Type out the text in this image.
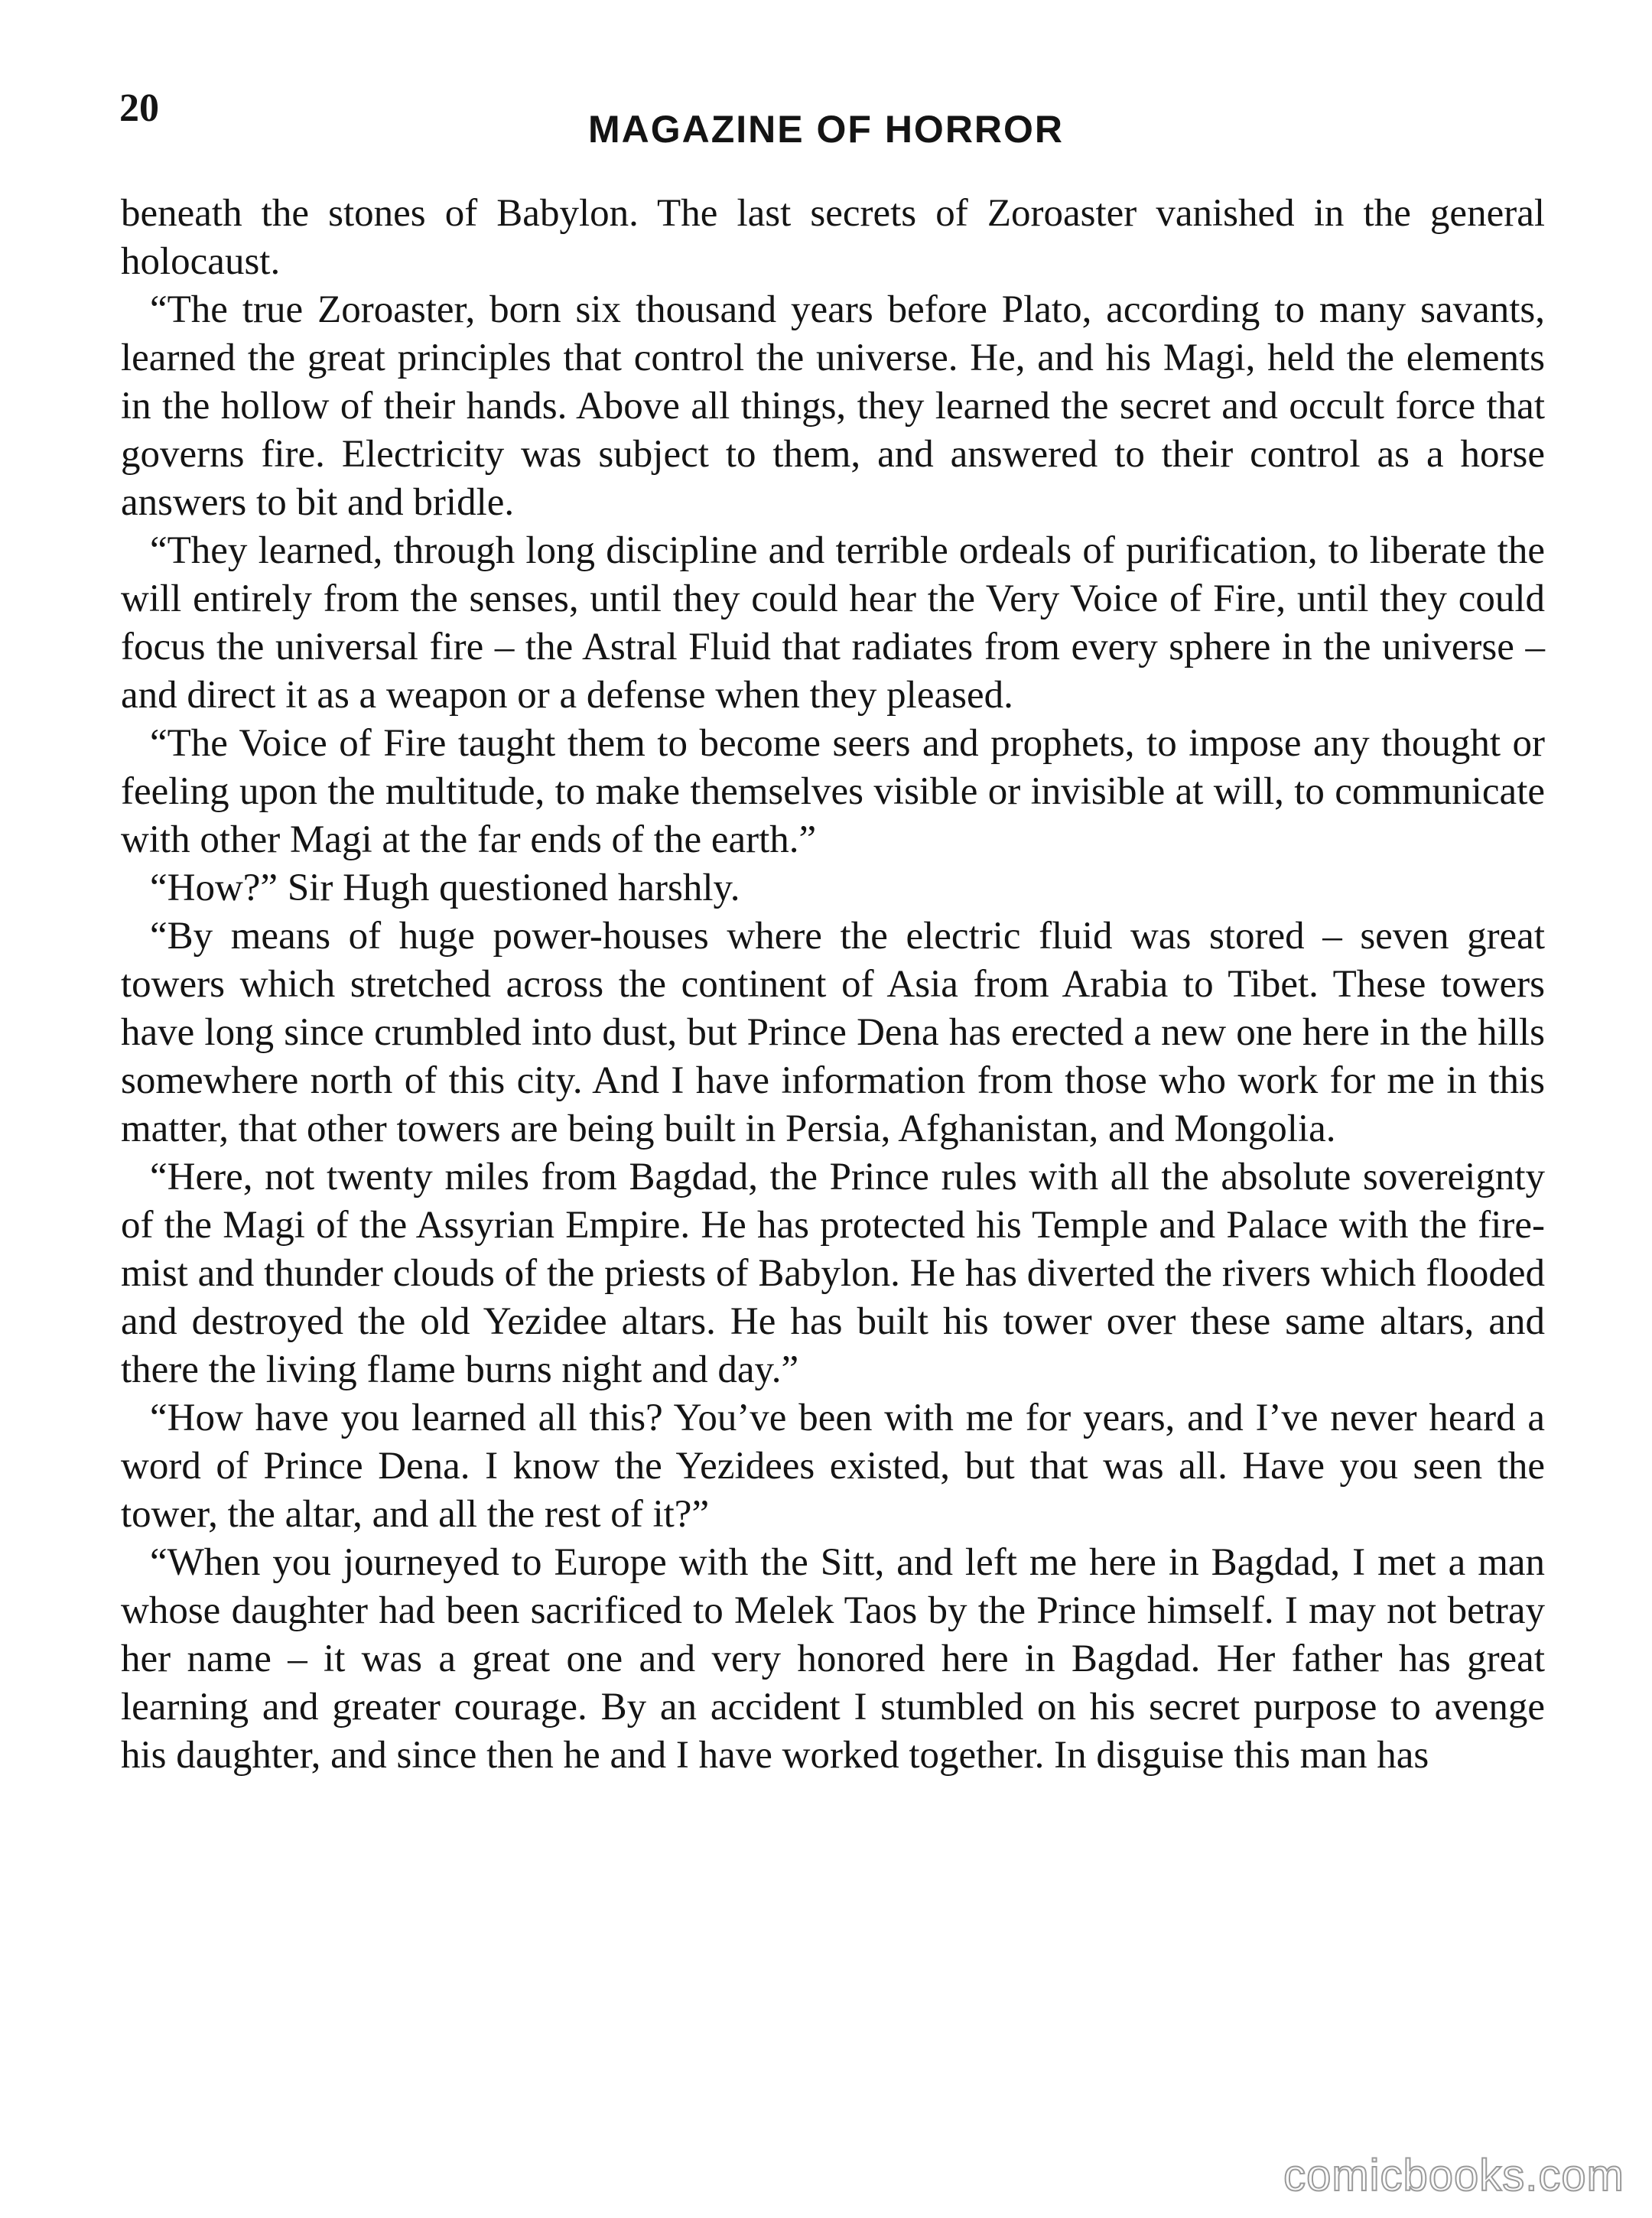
20	MAGAZINE OF HORROR

beneath the stones of Babylon. The last secrets of Zoroaster vanished in the general holocaust.

“The true Zoroaster, born six thousand years before Plato, according to many savants, learned the great principles that control the universe. He, and his Magi, held the elements in the hollow of their hands. Above all things, they learned the secret and occult force that governs fire. Electricity was subject to them, and answered to their control as a horse answers to bit and bridle.

“They learned, through long discipline and terrible ordeals of purification, to liberate the will entirely from the senses, until they could hear the Very Voice of Fire, until they could focus the universal fire – the Astral Fluid that radiates from every sphere in the universe – and direct it as a weapon or a defense when they pleased.

“The Voice of Fire taught them to become seers and prophets, to impose any thought or feeling upon the multitude, to make themselves visible or invisible at will, to communicate with other Magi at the far ends of the earth.”

“How?” Sir Hugh questioned harshly.

“By means of huge power-houses where the electric fluid was stored – seven great towers which stretched across the continent of Asia from Arabia to Tibet. These towers have long since crumbled into dust, but Prince Dena has erected a new one here in the hills somewhere north of this city. And I have information from those who work for me in this matter, that other towers are being built in Persia, Afghanistan, and Mongolia.

“Here, not twenty miles from Bagdad, the Prince rules with all the absolute sovereignty of the Magi of the Assyrian Empire. He has protected his Temple and Palace with the fire-mist and thunder clouds of the priests of Babylon. He has diverted the rivers which flooded and destroyed the old Yezidee altars. He has built his tower over these same altars, and there the living flame burns night and day.”

“How have you learned all this? You’ve been with me for years, and I’ve never heard a word of Prince Dena. I know the Yezidees existed, but that was all. Have you seen the tower, the altar, and all the rest of it?”

“When you journeyed to Europe with the Sitt, and left me here in Bagdad, I met a man whose daughter had been sacrificed to Melek Taos by the Prince himself. I may not betray her name – it was a great one and very honored here in Bagdad. Her father has great learning and greater courage. By an accident I stumbled on his secret purpose to avenge his daughter, and since then he and I have worked together. In disguise this man has

comicbooks.com
